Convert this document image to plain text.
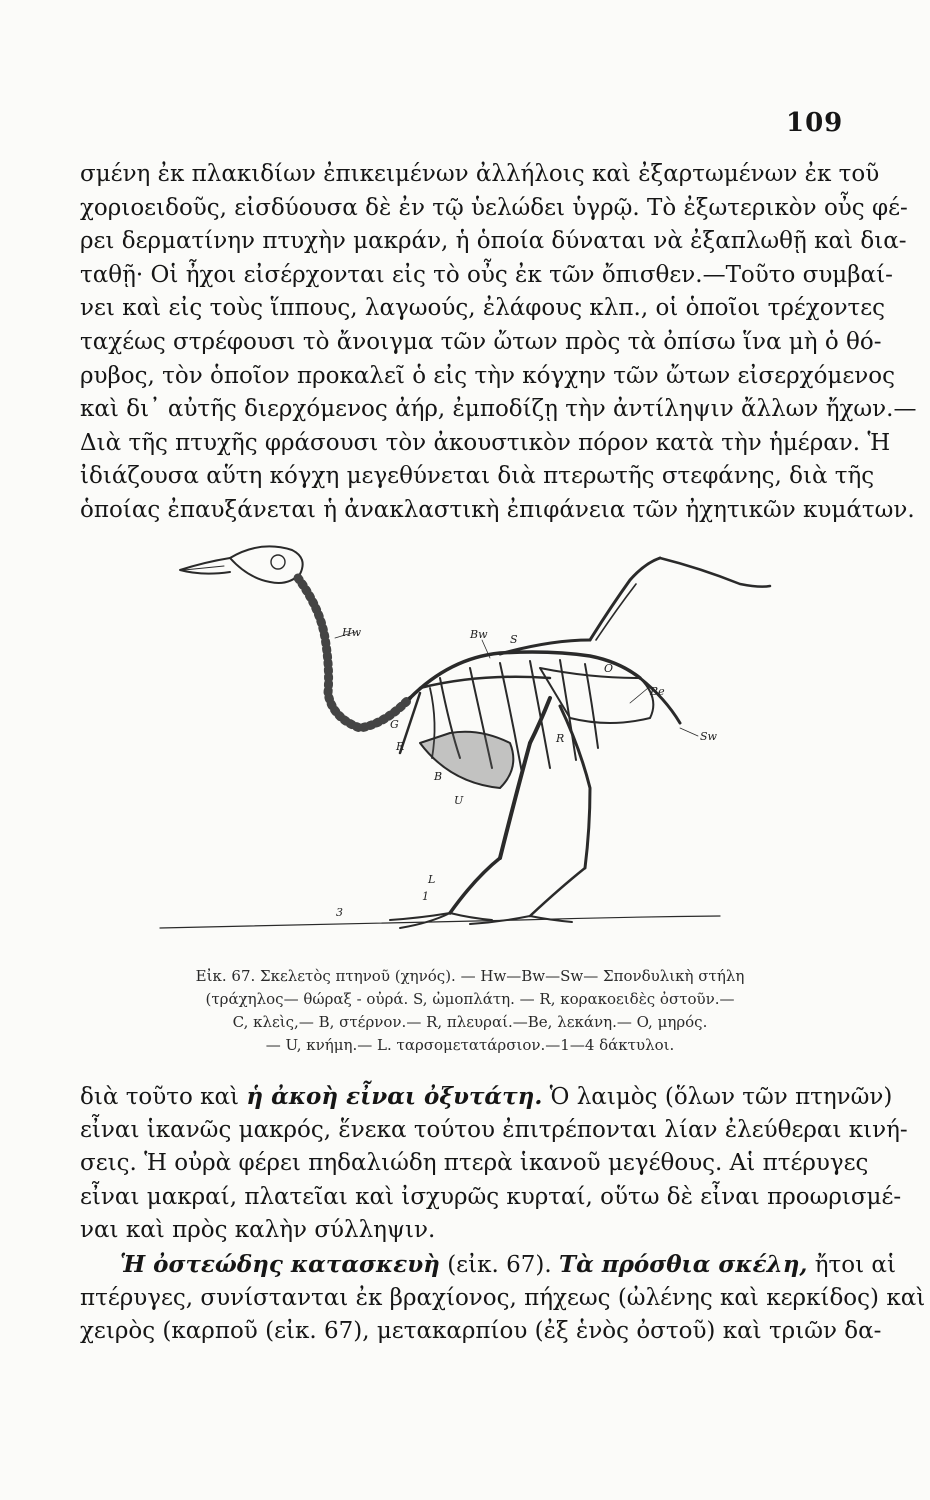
109
σμένη ἐκ πλακιδίων ἐπικειμένων ἀλλήλοις καὶ ἐξαρτωμένων ἐκ τοῦ
χοριοειδοῦς, εἰσδύουσα δὲ ἐν τῷ ὑελώδει ὑγρῷ. Τὸ ἐξωτερικὸν οὖς φέ-
ρει δερματίνην πτυχὴν μακράν, ἡ ὁποία δύναται νὰ ἐξαπλωθῇ καὶ δια-
ταθῇ· Οἱ ἦχοι εἰσέρχονται εἰς τὸ οὖς ἐκ τῶν ὄπισθεν.—Τοῦτο συμβαί-
νει καὶ εἰς τοὺς ἵππους, λαγωούς, ἐλάφους κλπ., οἱ ὁποῖοι τρέχοντες
ταχέως στρέφουσι τὸ ἄνοιγμα τῶν ὤτων πρὸς τὰ ὀπίσω ἵνα μὴ ὁ θό-
ρυβος, τὸν ὁποῖον προκαλεῖ ὁ εἰς τὴν κόγχην τῶν ὤτων εἰσερχόμενος
καὶ δι᾽ αὐτῆς διερχόμενος ἀήρ, ἐμποδίζῃ τὴν ἀντίληψιν ἄλλων ἤχων.—
Διὰ τῆς πτυχῆς φράσουσι τὸν ἀκουστικὸν πόρον κατὰ τὴν ἡμέραν. Ἡ
ἰδιάζουσα αὕτη κόγχη μεγεθύνεται διὰ πτερωτῆς στεφάνης, διὰ τῆς
ὁποίας ἐπαυξάνεται ἡ ἀνακλαστικὴ ἐπιφάνεια τῶν ἠχητικῶν κυμάτων.
Hw	Bw S
O
Be
Sw
G
R
R
B
U
L
1
3
Εἰκ. 67. Σκελετὸς πτηνοῦ (χηνός). — Hw—Bw—Sw— Σπονδυλικὴ στήλη
(τράχηλος— θώραξ - οὐρά. S, ὠμοπλάτη. — R, κορακοειδὲς ὀστοῦν.—
C, κλεὶς,— B, στέρνον.— R, πλευραί.—Be, λεκάνη.— O, μηρός.
— U, κνήμη.— L. ταρσομετατάρσιον.—1—4 δάκτυλοι.
διὰ τοῦτο καὶ ἡ ἀκοὴ εἶναι ὀξυτάτη. Ὁ λαιμὸς (ὅλων τῶν πτηνῶν)
εἶναι ἱκανῶς μακρός, ἕνεκα τούτου ἐπιτρέπονται λίαν ἐλεύθεραι κινή-
σεις. Ἡ οὐρὰ φέρει πηδαλιώδη πτερὰ ἱκανοῦ μεγέθους. Αἱ πτέρυγες
εἶναι μακραί, πλατεῖαι καὶ ἰσχυρῶς κυρταί, οὕτω δὲ εἶναι προωρισμέ-
ναι καὶ πρὸς καλὴν σύλληψιν.
Ἡ ὀστεώδης κατασκευὴ (εἰκ. 67). Τὰ πρόσθια σκέλη, ἤτοι αἱ
πτέρυγες, συνίστανται ἐκ βραχίονος, πήχεως (ὠλένης καὶ κερκίδος) καὶ
χειρὸς (καρποῦ (εἰκ. 67), μετακαρπίου (ἐξ ἑνὸς ὀστοῦ) καὶ τριῶν δα-
